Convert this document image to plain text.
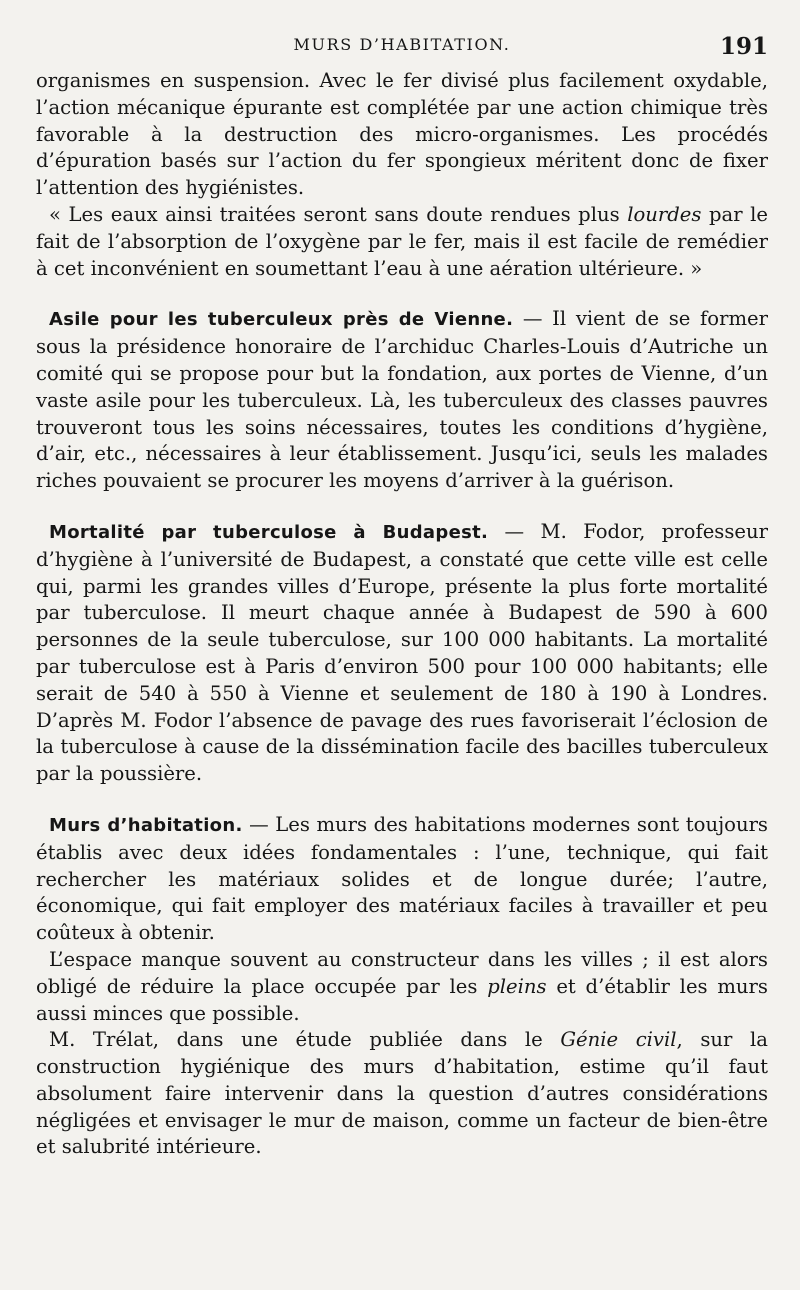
MURS D’HABITATION.	191

organismes en suspension. Avec le fer divisé plus facilement oxydable, l’action mécanique épurante est complétée par une action chimique très favorable à la destruction des micro-organismes. Les procédés d’épuration basés sur l’action du fer spongieux méritent donc de fixer l’attention des hygiénistes.

« Les eaux ainsi traitées seront sans doute rendues plus lourdes par le fait de l’absorption de l’oxygène par le fer, mais il est facile de remédier à cet inconvénient en soumettant l’eau à une aération ultérieure. »

Asile pour les tuberculeux près de Vienne. — Il vient de se former sous la présidence honoraire de l’archiduc Charles-Louis d’Autriche un comité qui se propose pour but la fondation, aux portes de Vienne, d’un vaste asile pour les tuberculeux. Là, les tuberculeux des classes pauvres trouveront tous les soins nécessaires, toutes les conditions d’hygiène, d’air, etc., nécessaires à leur établissement. Jusqu’ici, seuls les malades riches pouvaient se procurer les moyens d’arriver à la guérison.

Mortalité par tuberculose à Budapest. — M. Fodor, professeur d’hygiène à l’université de Budapest, a constaté que cette ville est celle qui, parmi les grandes villes d’Europe, présente la plus forte mortalité par tuberculose. Il meurt chaque année à Budapest de 590 à 600 personnes de la seule tuberculose, sur 100 000 habitants. La mortalité par tuberculose est à Paris d’environ 500 pour 100 000 habitants; elle serait de 540 à 550 à Vienne et seulement de 180 à 190 à Londres. D’après M. Fodor l’absence de pavage des rues favoriserait l’éclosion de la tuberculose à cause de la dissémination facile des bacilles tuberculeux par la poussière.

Murs d’habitation. — Les murs des habitations modernes sont toujours établis avec deux idées fondamentales : l’une, technique, qui fait rechercher les matériaux solides et de longue durée; l’autre, économique, qui fait employer des matériaux faciles à travailler et peu coûteux à obtenir.

L’espace manque souvent au constructeur dans les villes ; il est alors obligé de réduire la place occupée par les pleins et d’établir les murs aussi minces que possible.

M. Trélat, dans une étude publiée dans le Génie civil, sur la construction hygiénique des murs d’habitation, estime qu’il faut absolument faire intervenir dans la question d’autres considérations négligées et envisager le mur de maison, comme un facteur de bien-être et salubrité intérieure.
